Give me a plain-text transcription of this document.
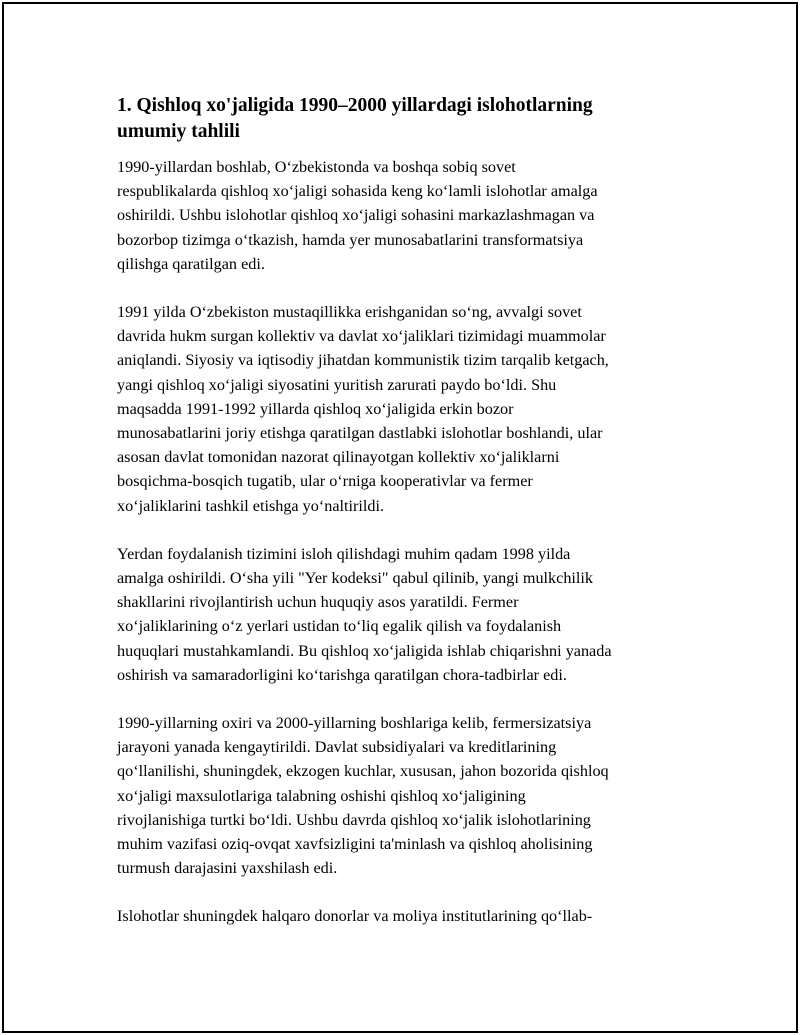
1. Qishloq xo'jaligida 1990–2000 yillardagi islohotlarning
umumiy tahlili

1990-yillardan boshlab, O‘zbekistonda va boshqa sobiq sovet
respublikalarda qishloq xo‘jaligi sohasida keng ko‘lamli islohotlar amalga
oshirildi. Ushbu islohotlar qishloq xo‘jaligi sohasini markazlashmagan va
bozorbop tizimga o‘tkazish, hamda yer munosabatlarini transformatsiya
qilishga qaratilgan edi.

1991 yilda O‘zbekiston mustaqillikka erishganidan so‘ng, avvalgi sovet
davrida hukm surgan kollektiv va davlat xo‘jaliklari tizimidagi muammolar
aniqlandi. Siyosiy va iqtisodiy jihatdan kommunistik tizim tarqalib ketgach,
yangi qishloq xo‘jaligi siyosatini yuritish zarurati paydo bo‘ldi. Shu
maqsadda 1991-1992 yillarda qishloq xo‘jaligida erkin bozor
munosabatlarini joriy etishga qaratilgan dastlabki islohotlar boshlandi, ular
asosan davlat tomonidan nazorat qilinayotgan kollektiv xo‘jaliklarni
bosqichma-bosqich tugatib, ular o‘rniga kooperativlar va fermer
xo‘jaliklarini tashkil etishga yo‘naltirildi.

Yerdan foydalanish tizimini isloh qilishdagi muhim qadam 1998 yilda
amalga oshirildi. O‘sha yili "Yer kodeksi" qabul qilinib, yangi mulkchilik
shakllarini rivojlantirish uchun huquqiy asos yaratildi. Fermer
xo‘jaliklarining o‘z yerlari ustidan to‘liq egalik qilish va foydalanish
huquqlari mustahkamlandi. Bu qishloq xo‘jaligida ishlab chiqarishni yanada
oshirish va samaradorligini ko‘tarishga qaratilgan chora-tadbirlar edi.

1990-yillarning oxiri va 2000-yillarning boshlariga kelib, fermersizatsiya
jarayoni yanada kengaytirildi. Davlat subsidiyalari va kreditlarining
qo‘llanilishi, shuningdek, ekzogen kuchlar, xususan, jahon bozorida qishloq
xo‘jaligi maxsulotlariga talabning oshishi qishloq xo‘jaligining
rivojlanishiga turtki bo‘ldi. Ushbu davrda qishloq xo‘jalik islohotlarining
muhim vazifasi oziq-ovqat xavfsizligini ta'minlash va qishloq aholisining
turmush darajasini yaxshilash edi.

Islohotlar shuningdek halqaro donorlar va moliya institutlarining qo‘llab-
